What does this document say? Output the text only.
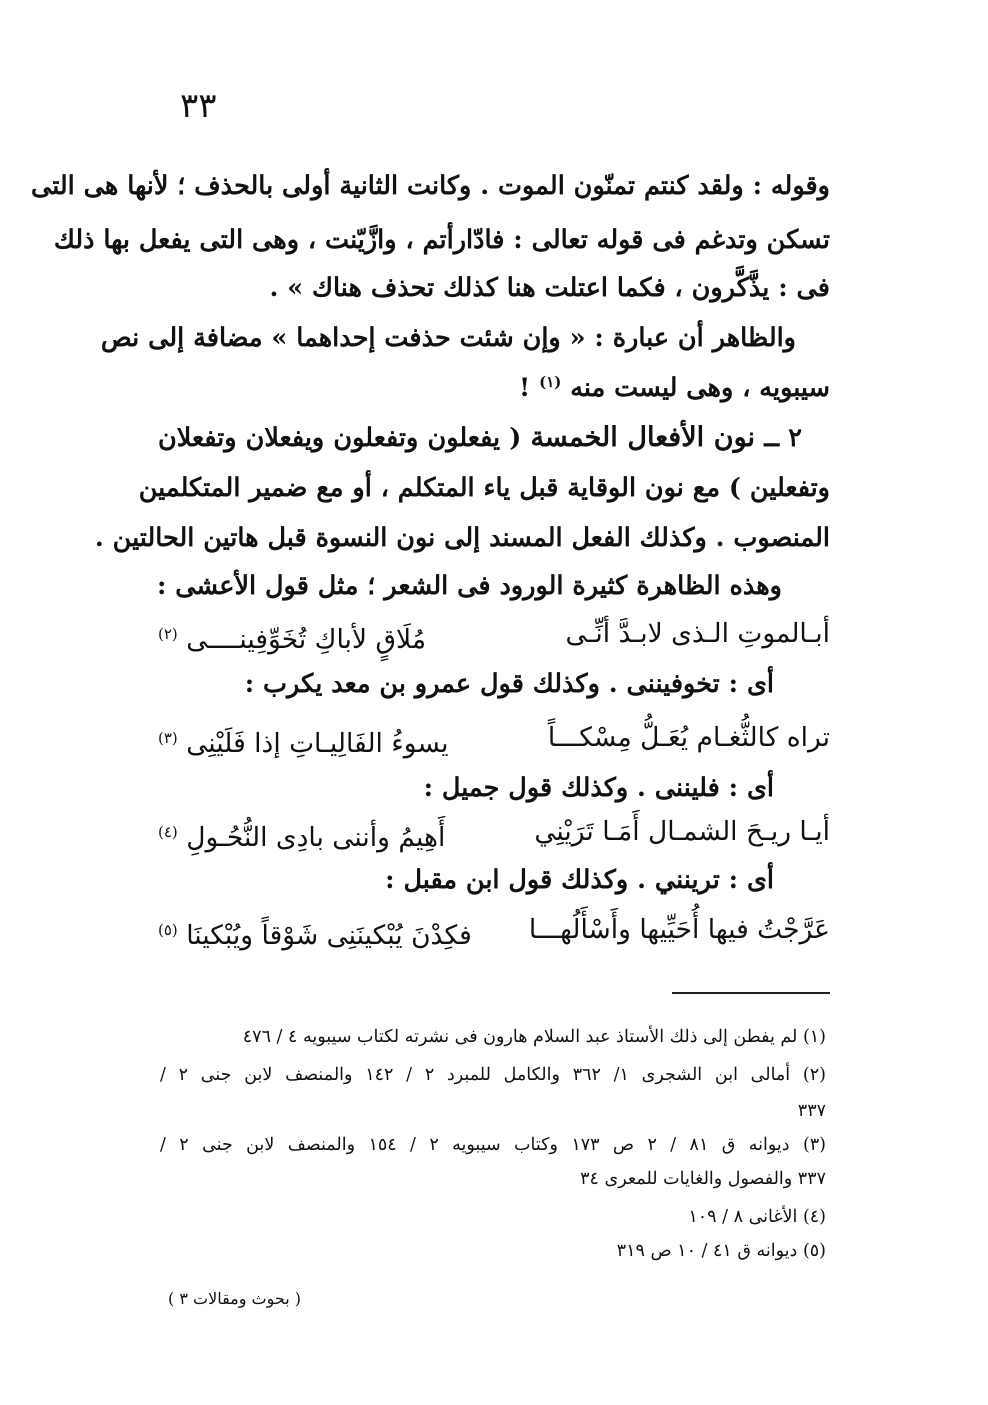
٣٣
وقوله : ولقد كنتم تمنّون الموت . وكانت الثانية أولى بالحذف ؛ لأنها هى التى
تسكن وتدغم فى قوله تعالى : فادّارأتم ، وازَّيّنت ، وهى التى يفعل بها ذلك
فى : يذَّكَّرون ، فكما اعتلت هنا كذلك تحذف هناك » .
والظاهر أن عبارة : « وإن شئت حذفت إحداهما » مضافة إلى نص
سيبويه ، وهى ليست منه $^{(١)}$ !
٢ ــ نون الأفعال الخمسة ( يفعلون وتفعلون ويفعلان وتفعلان
وتفعلين ) مع نون الوقاية قبل ياء المتكلم ، أو مع ضمير المتكلمين
المنصوب . وكذلك الفعل المسند إلى نون النسوة قبل هاتين الحالتين .
وهذه الظاهرة كثيرة الورود فى الشعر ؛ مثل قول الأعشى :
أبـالموتِ الـذى لابـدَّ أنِّـى
مُلَاقٍ لأباكِ تُخَوِّفِينــــى $^{(٢)}$
أى : تخوفيننى . وكذلك قول عمرو بن معد يكرب :
تراه كالثُّغـام يُعَـلُّ مِسْكـــاً
يسوءُ الفَالِيـاتِ إذا فَلَيْنِى $^{(٣)}$
أى : فليننى . وكذلك قول جميل :
أيـا ريـحَ الشمـال أَمَـا تَرَيْنِي
أَهِيمُ وأننى بادِى النُّحُـولِ $^{(٤)}$
أى : ترينني . وكذلك قول ابن مقبل :
عَرَّجْتُ فيها أُحَيِّيها وأَسْأَلُهـــا
فكِدْنَ يُبْكينَنِى شَوْقاً ويُبْكينَا $^{(٥)}$
(١) لم يفطن إلى ذلك الأستاذ عبد السلام هارون فى نشرته لكتاب سيبويه ٤ / ٤٧٦
(٢) أمالى ابن الشجرى ١/ ٣٦٢ والكامل للمبرد ٢ / ١٤٢ والمنصف لابن جنى ٢ /
٣٣٧
(٣) ديوانه ق ٨١ / ٢ ص ١٧٣ وكتاب سيبويه ٢ / ١٥٤ والمنصف لابن جنى ٢ /
٣٣٧ والفصول والغايات للمعرى ٣٤
(٤) الأغانى ٨ / ١٠٩
(٥) ديوانه ق ٤١ / ١٠ ص ٣١٩
( بحوث ومقالات ٣ )
